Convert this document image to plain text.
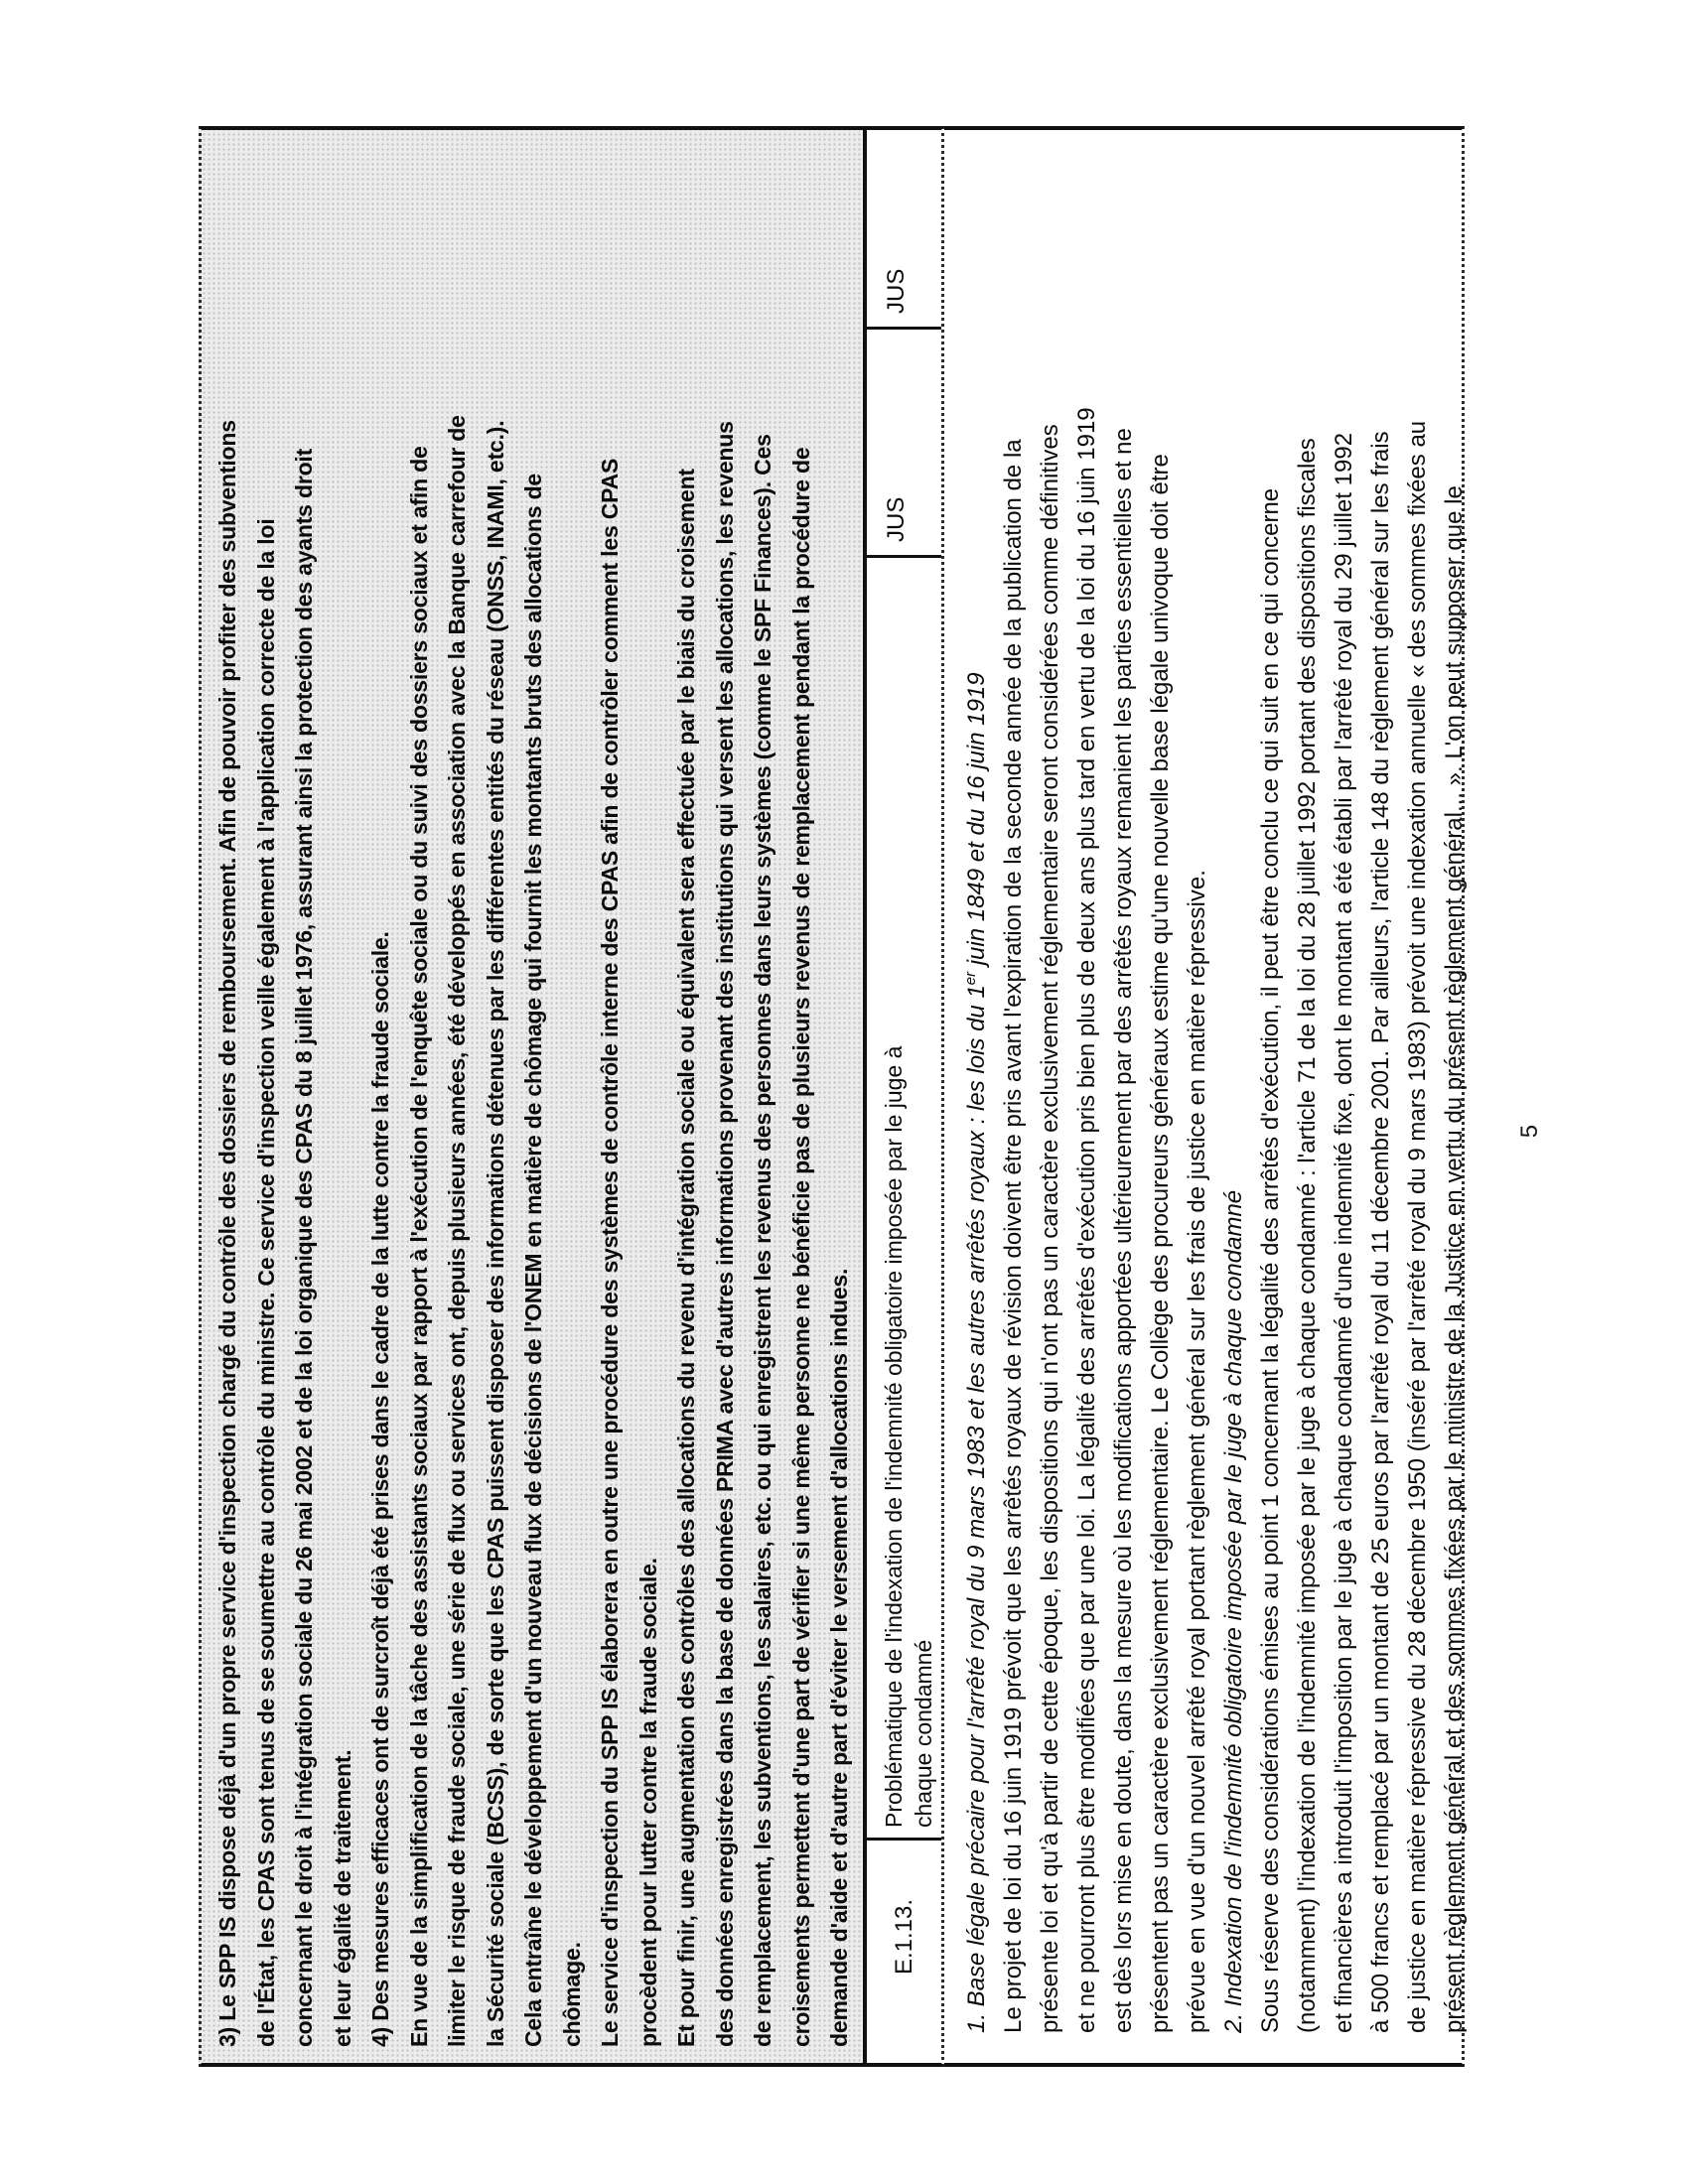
3) Le SPP IS dispose déjà d'un propre service d'inspection chargé du contrôle des dossiers de remboursement. Afin de pouvoir profiter des subventions de l'État, les CPAS sont tenus de se soumettre au contrôle du ministre. Ce service d'inspection veille également à l'application correcte de la loi concernant le droit à l'intégration sociale du 26 mai 2002 et de la loi organique des CPAS du 8 juillet 1976, assurant ainsi la protection des ayants droit et leur égalité de traitement. 4) Des mesures efficaces ont de surcroît déjà été prises dans le cadre de la lutte contre la fraude sociale. En vue de la simplification de la tâche des assistants sociaux par rapport à l'exécution de l'enquête sociale ou du suivi des dossiers sociaux et afin de limiter le risque de fraude sociale, une série de flux ou services ont, depuis plusieurs années, été développés en association avec la Banque carrefour de la Sécurité sociale (BCSS), de sorte que les CPAS puissent disposer des informations détenues par les différentes entités du réseau (ONSS, INAMI, etc.). Cela entraîne le développement d'un nouveau flux de décisions de l'ONEM en matière de chômage qui fournit les montants bruts des allocations de chômage. Le service d'inspection du SPP IS élaborera en outre une procédure des systèmes de contrôle interne des CPAS afin de contrôler comment les CPAS procèdent pour lutter contre la fraude sociale. Et pour finir, une augmentation des contrôles des allocations du revenu d'intégration sociale ou équivalent sera effectuée par le biais du croisement des données enregistrées dans la base de données PRIMA avec d'autres informations provenant des institutions qui versent les allocations, les revenus de remplacement, les subventions, les salaires, etc. ou qui enregistrent les revenus des personnes dans leurs systèmes (comme le SPF Finances). Ces croisements permettent d'une part de vérifier si une même personne ne bénéficie pas de plusieurs revenus de remplacement pendant la procédure de demande d'aide et d'autre part d'éviter le versement d'allocations indues.	E.1.13.
Problématique de l'indexation de l'indemnité obligatoire imposée par le juge à chaque condamné
JUS
JUS
1. Base légale précaire pour l'arrêté royal du 9 mars 1983 et les autres arrêtés royaux : les lois du 1er juin 1849 et du 16 juin 1919 Le projet de loi du 16 juin 1919 prévoit que les arrêtés royaux de révision doivent être pris avant l'expiration de la seconde année de la publication de la présente loi et qu'à partir de cette époque, les dispositions qui n'ont pas un caractère exclusivement réglementaire seront considérées comme définitives et ne pourront plus être modifiées que par une loi. La légalité des arrêtés d'exécution pris bien plus de deux ans plus tard en vertu de la loi du 16 juin 1919 est dès lors mise en doute, dans la mesure où les modifications apportées ultérieurement par des arrêtés royaux remanient les parties essentielles et ne présentent pas un caractère exclusivement réglementaire. Le Collège des procureurs généraux estime qu'une nouvelle base légale univoque doit être prévue en vue d'un nouvel arrêté royal portant règlement général sur les frais de justice en matière répressive. 2. Indexation de l'indemnité obligatoire imposée par le juge à chaque condamné Sous réserve des considérations émises au point 1 concernant la légalité des arrêtés d'exécution, il peut être conclu ce qui suit en ce qui concerne (notamment) l'indexation de l'indemnité imposée par le juge à chaque condamné : l'article 71 de la loi du 28 juillet 1992 portant des dispositions fiscales et financières a introduit l'imposition par le juge à chaque condamné d'une indemnité fixe, dont le montant a été établi par l'arrêté royal du 29 juillet 1992 à 500 francs et remplacé par un montant de 25 euros par l'arrêté royal du 11 décembre 2001. Par ailleurs, l'article 148 du règlement général sur les frais de justice en matière répressive du 28 décembre 1950 (inséré par l'arrêté royal du 9 mars 1983) prévoit une indexation annuelle « des sommes fixées au présent règlement général et des sommes fixées par le ministre de la Justice en vertu du présent règlement général... ». L'on peut supposer que le 5
